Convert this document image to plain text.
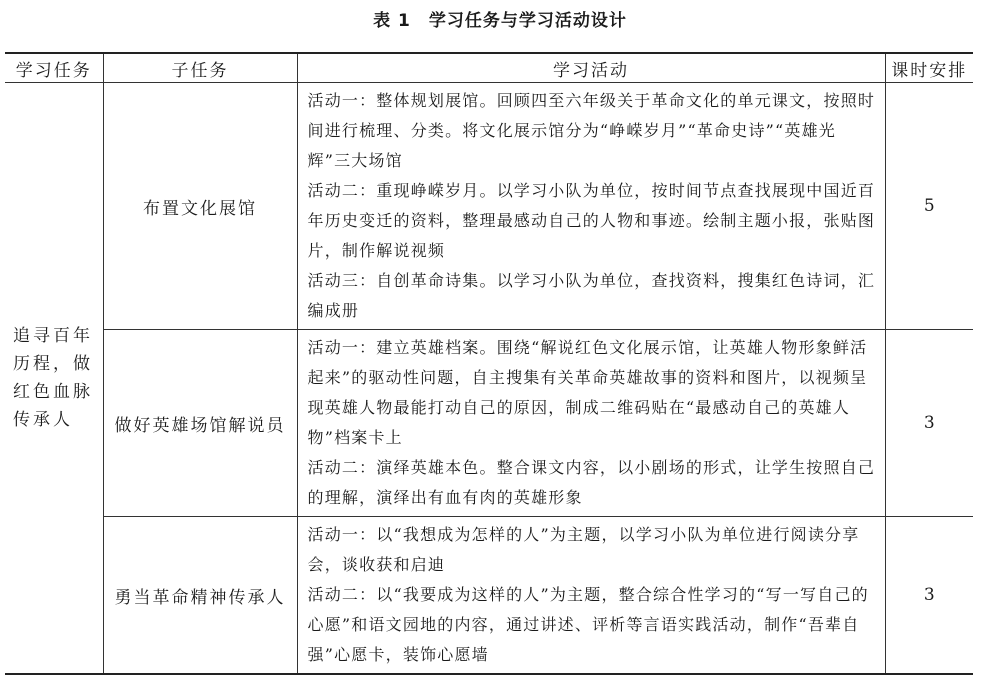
表 1 学习任务与学习活动设计
学习任务	子任务	学习活动	课时安排
追寻百年历程，做红色血脉传承人	布置文化展馆	活动一：整体规划展馆。回顾四至六年级关于革命文化的单元课文，按照时间进行梳理、分类。将文化展示馆分为“峥嵘岁月”“革命史诗”“英雄光辉”三大场馆
活动二：重现峥嵘岁月。以学习小队为单位，按时间节点查找展现中国近百年历史变迁的资料，整理最感动自己的人物和事迹。绘制主题小报，张贴图片，制作解说视频
活动三：自创革命诗集。以学习小队为单位，查找资料，搜集红色诗词，汇编成册	5
	做好英雄场馆解说员	活动一：建立英雄档案。围绕“解说红色文化展示馆，让英雄人物形象鲜活起来”的驱动性问题，自主搜集有关革命英雄故事的资料和图片，以视频呈现英雄人物最能打动自己的原因，制成二维码贴在“最感动自己的英雄人物”档案卡上
活动二：演绎英雄本色。整合课文内容，以小剧场的形式，让学生按照自己的理解，演绎出有血有肉的英雄形象	3
	勇当革命精神传承人	活动一：以“我想成为怎样的人”为主题，以学习小队为单位进行阅读分享会，谈收获和启迪
活动二：以“我要成为这样的人”为主题，整合综合性学习的“写一写自己的心愿”和语文园地的内容，通过讲述、评析等言语实践活动，制作“吾辈自强”心愿卡，装饰心愿墙	3
